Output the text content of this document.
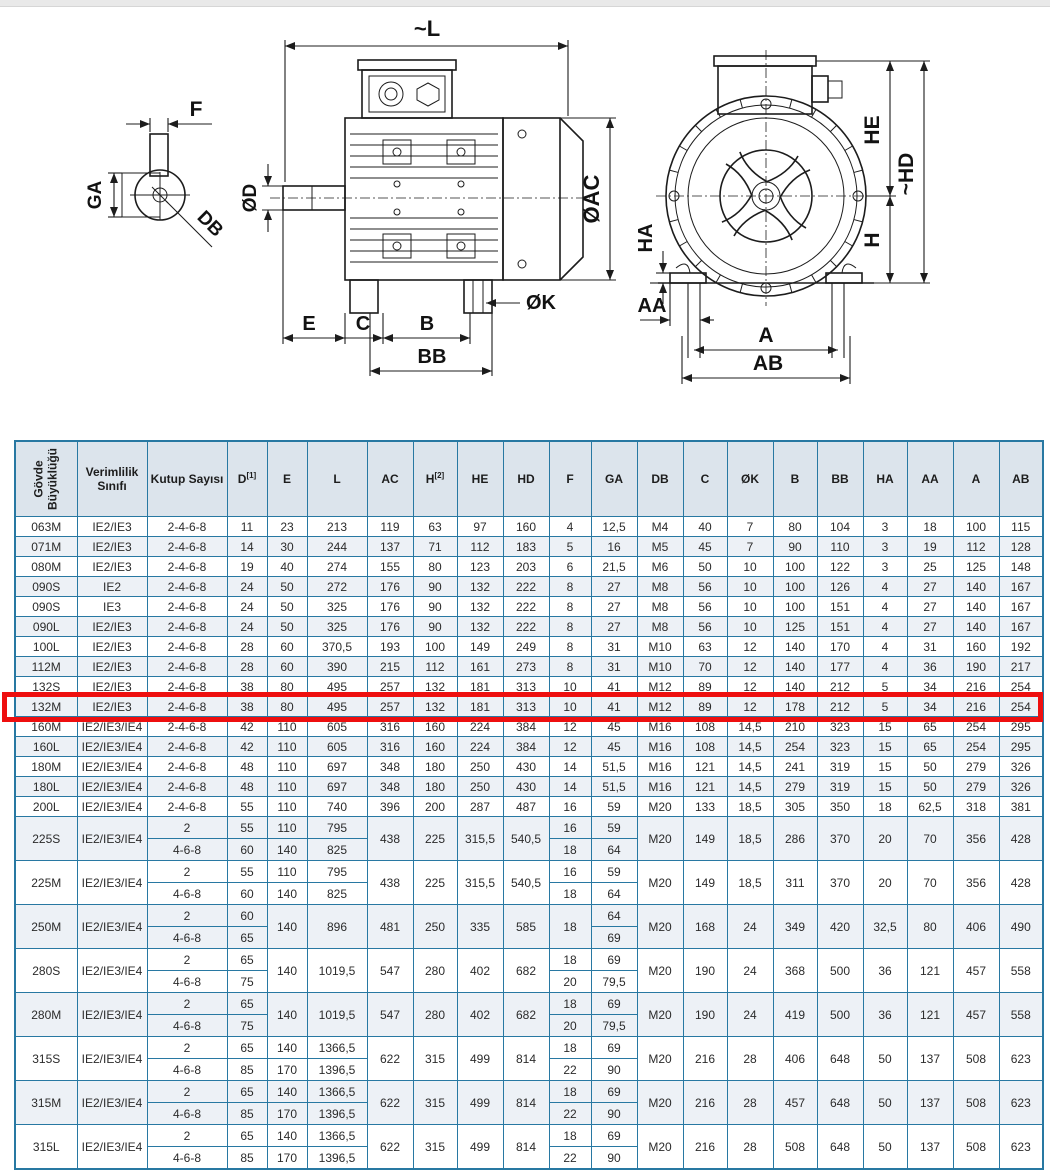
F
GA
DB
~L
ØD	ØAC
ØK
E C B
BB
HE
~HD
H
HA
AA
A
AB
Gövde Büyüklüğü	Verimlilik Sınıfı	Kutup Sayısı	D[1]	E	L	AC	H[2]	HE	HD	F	GA	DB	C	ØK	B	BB	HA	AA	A	AB
063M	IE2/IE3	2-4-6-8	11	23	213	119	63	97	160	4	12,5	M4	40	7	80	104	3	18	100	115
071M	IE2/IE3	2-4-6-8	14	30	244	137	71	112	183	5	16	M5	45	7	90	110	3	19	112	128
080M	IE2/IE3	2-4-6-8	19	40	274	155	80	123	203	6	21,5	M6	50	10	100	122	3	25	125	148
090S	IE2	2-4-6-8	24	50	272	176	90	132	222	8	27	M8	56	10	100	126	4	27	140	167
090S	IE3	2-4-6-8	24	50	325	176	90	132	222	8	27	M8	56	10	100	151	4	27	140	167
090L	IE2/IE3	2-4-6-8	24	50	325	176	90	132	222	8	27	M8	56	10	125	151	4	27	140	167
100L	IE2/IE3	2-4-6-8	28	60	370,5	193	100	149	249	8	31	M10	63	12	140	170	4	31	160	192
112M	IE2/IE3	2-4-6-8	28	60	390	215	112	161	273	8	31	M10	70	12	140	177	4	36	190	217
132S	IE2/IE3	2-4-6-8	38	80	495	257	132	181	313	10	41	M12	89	12	140	212	5	34	216	254
132M	IE2/IE3	2-4-6-8	38	80	495	257	132	181	313	10	41	M12	89	12	178	212	5	34	216	254
160M	IE2/IE3/IE4	2-4-6-8	42	110	605	316	160	224	384	12	45	M16	108	14,5	210	323	15	65	254	295
160L	IE2/IE3/IE4	2-4-6-8	42	110	605	316	160	224	384	12	45	M16	108	14,5	254	323	15	65	254	295
180M	IE2/IE3/IE4	2-4-6-8	48	110	697	348	180	250	430	14	51,5	M16	121	14,5	241	319	15	50	279	326
180L	IE2/IE3/IE4	2-4-6-8	48	110	697	348	180	250	430	14	51,5	M16	121	14,5	279	319	15	50	279	326
200L	IE2/IE3/IE4	2-4-6-8	55	110	740	396	200	287	487	16	59	M20	133	18,5	305	350	18	62,5	318	381
225S	IE2/IE3/IE4	2	55	110	795	438	225	315,5	540,5	16	59	M20	149	18,5	286	370	20	70	356	428
		4-6-8	60	140	825					18	64									
225M	IE2/IE3/IE4	2	55	110	795	438	225	315,5	540,5	16	59	M20	149	18,5	311	370	20	70	356	428
		4-6-8	60	140	825					18	64									
250M	IE2/IE3/IE4	2	60	140	896	481	250	335	585	18	64	M20	168	24	349	420	32,5	80	406	490
		4-6-8	65								69									
280S	IE2/IE3/IE4	2	65	140	1019,5	547	280	402	682	18	69	M20	190	24	368	500	36	121	457	558
		4-6-8	75							20	79,5									
280M	IE2/IE3/IE4	2	65	140	1019,5	547	280	402	682	18	69	M20	190	24	419	500	36	121	457	558
		4-6-8	75							20	79,5									
315S	IE2/IE3/IE4	2	65	140	1366,5	622	315	499	814	18	69	M20	216	28	406	648	50	137	508	623
		4-6-8	85	170	1396,5					22	90									
315M	IE2/IE3/IE4	2	65	140	1366,5	622	315	499	814	18	69	M20	216	28	457	648	50	137	508	623
		4-6-8	85	170	1396,5					22	90									
315L	IE2/IE3/IE4	2	65	140	1366,5	622	315	499	814	18	69	M20	216	28	508	648	50	137	508	623
		4-6-8	85	170	1396,5					22	90									
